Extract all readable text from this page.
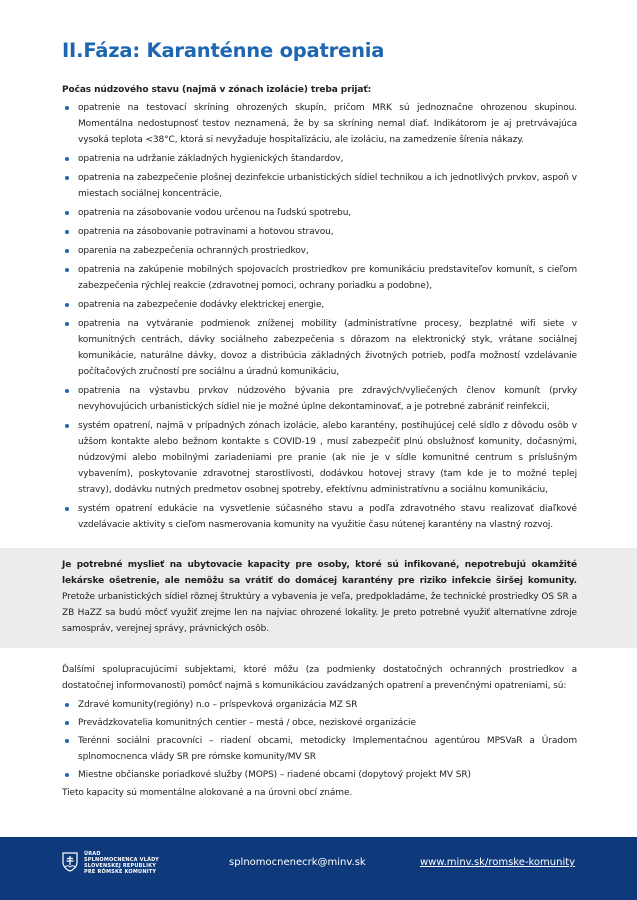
II.Fáza: Karanténne opatrenia

Počas núdzového stavu (najmä v zónach izolácie) treba prijať:

opatrenie na testovací skríning ohrozených skupín, pričom MRK sú jednoznačne ohrozenou skupinou. Momentálna nedostupnosť testov neznamená, že by sa skríning nemal diať. Indikátorom je aj pretrvávajúca vysoká teplota <38°C, ktorá si nevyžaduje hospitalizáciu, ale izoláciu, na zamedzenie šírenia nákazy.
opatrenia na udržanie základných hygienických štandardov,
opatrenia na zabezpečenie plošnej dezinfekcie urbanistických sídiel technikou a ich jednotlivých prvkov, aspoň v miestach sociálnej koncentrácie,
opatrenia na zásobovanie vodou určenou na ľudskú spotrebu,
opatrenia na zásobovanie potravinami a hotovou stravou,
oparenia na zabezpečenia ochranných prostriedkov,
opatrenia na zakúpenie mobilných spojovacích prostriedkov pre komunikáciu predstaviteľov komunít, s cieľom zabezpečenia rýchlej reakcie (zdravotnej pomoci, ochrany poriadku a podobne),
opatrenia na zabezpečenie dodávky elektrickej energie,
opatrenia na vytváranie podmienok zníženej mobility (administratívne procesy, bezplatné wifi siete v komunitných centrách, dávky sociálneho zabezpečenia s dôrazom na elektronický styk, vrátane sociálnej komunikácie, naturálne dávky, dovoz a distribúcia základných životných potrieb, podľa možností vzdelávanie počítačových zručností pre sociálnu a úradnú komunikáciu,
opatrenia na výstavbu prvkov núdzového bývania pre zdravých/vyliečených členov komunít (prvky nevyhovujúcich urbanistických sídiel nie je možné úplne dekontaminovať, a je potrebné zabrániť reinfekcii,
systém opatrení, najmä v prípadných zónach izolácie, alebo karantény, postihujúcej celé sídlo z dôvodu osôb v užšom kontakte alebo bežnom kontakte s COVID-19 , musí zabezpečiť plnú obslužnosť komunity, dočasnými, núdzovými alebo mobilnými zariadeniami pre pranie (ak nie je v sídle komunitné centrum s príslušným vybavením), poskytovanie zdravotnej starostlivosti, dodávkou hotovej stravy (tam kde je to možné teplej stravy), dodávku nutných predmetov osobnej spotreby, efektívnu administratívnu a sociálnu komunikáciu,
systém opatrení edukácie na vysvetlenie súčasného stavu a podľa zdravotného stavu realizovať diaľkové vzdelávacie aktivity s cieľom nasmerovania komunity na využitie času nútenej karantény na vlastný rozvoj.

Je potrebné myslieť na ubytovacie kapacity pre osoby, ktoré sú infikované, nepotrebujú okamžité lekárske ošetrenie, ale nemôžu sa vrátiť do domácej karantény pre riziko infekcie širšej komunity. Pretože urbanistických sídiel rôznej štruktúry a vybavenia je veľa, predpokladáme, že technické prostriedky OS SR a ZB HaZZ sa budú môcť využiť zrejme len na najviac ohrozené lokality. Je preto potrebné využiť alternatívne zdroje samospráv, verejnej správy, právnických osôb.

Ďalšími spolupracujúcimi subjektami, ktoré môžu (za podmienky dostatočných ochranných prostriedkov a dostatočnej informovanosti) pomôcť najmä s komunikáciou zavádzaných opatrení a prevenčnými opatreniami, sú:

Zdravé komunity(regióny) n.o – príspevková organizácia MZ SR
Prevádzkovatelia komunitných centier – mestá / obce, neziskové organizácie
Terénni sociálni pracovníci – riadení obcami, metodicky Implementačnou agentúrou MPSVaR a Úradom splnomocnenca vlády SR pre rómske komunity/MV SR
Miestne občianske poriadkové služby (MOPS) – riadené obcami (dopytový projekt MV SR)

Tieto kapacity sú momentálne alokované a na úrovni obcí známe.

ÚRAD
SPLNOMOCNENCA VLÁDY
SLOVENSKEJ REPUBLIKY
PRE RÓMSKE KOMUNITY
splnomocnenecrk@minv.sk	www.minv.sk/romske-komunity
